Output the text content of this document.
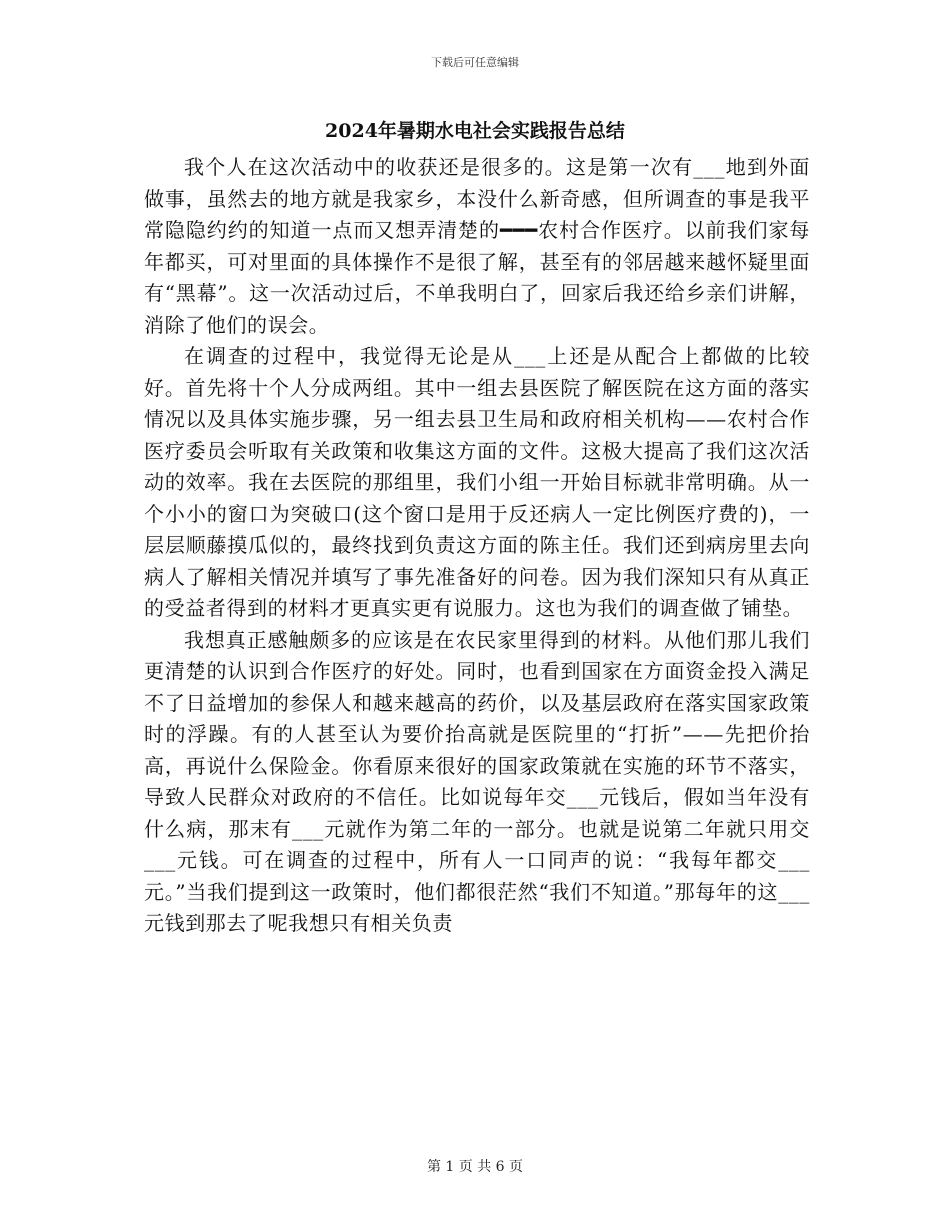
下载后可任意编辑
2024年暑期水电社会实践报告总结

我个人在这次活动中的收获还是很多的。这是第一次有___地到外面做事，虽然去的地方就是我家乡，本没什么新奇感，但所调查的事是我平常隐隐约约的知道一点而又想弄清楚的━━━农村合作医疗。以前我们家每年都买，可对里面的具体操作不是很了解，甚至有的邻居越来越怀疑里面有“黑幕”。这一次活动过后，不单我明白了，回家后我还给乡亲们讲解，消除了他们的误会。

在调查的过程中，我觉得无论是从___上还是从配合上都做的比较好。首先将十个人分成两组。其中一组去县医院了解医院在这方面的落实情况以及具体实施步骤，另一组去县卫生局和政府相关机构——农村合作医疗委员会听取有关政策和收集这方面的文件。这极大提高了我们这次活动的效率。我在去医院的那组里，我们小组一开始目标就非常明确。从一个小小的窗口为突破口(这个窗口是用于反还病人一定比例医疗费的)，一层层顺藤摸瓜似的，最终找到负责这方面的陈主任。我们还到病房里去向病人了解相关情况并填写了事先准备好的问卷。因为我们深知只有从真正的受益者得到的材料才更真实更有说服力。这也为我们的调查做了铺垫。

我想真正感触颇多的应该是在农民家里得到的材料。从他们那儿我们更清楚的认识到合作医疗的好处。同时，也看到国家在方面资金投入满足不了日益增加的参保人和越来越高的药价，以及基层政府在落实国家政策时的浮躁。有的人甚至认为要价抬高就是医院里的“打折”——先把价抬高，再说什么保险金。你看原来很好的国家政策就在实施的环节不落实，导致人民群众对政府的不信任。比如说每年交___元钱后，假如当年没有什么病，那末有___元就作为第二年的一部分。也就是说第二年就只用交___元钱。可在调查的过程中，所有人一口同声的说：“我每年都交___元。”当我们提到这一政策时，他们都很茫然“我们不知道。”那每年的这___元钱到那去了呢我想只有相关负责

第 1 页 共 6 页
